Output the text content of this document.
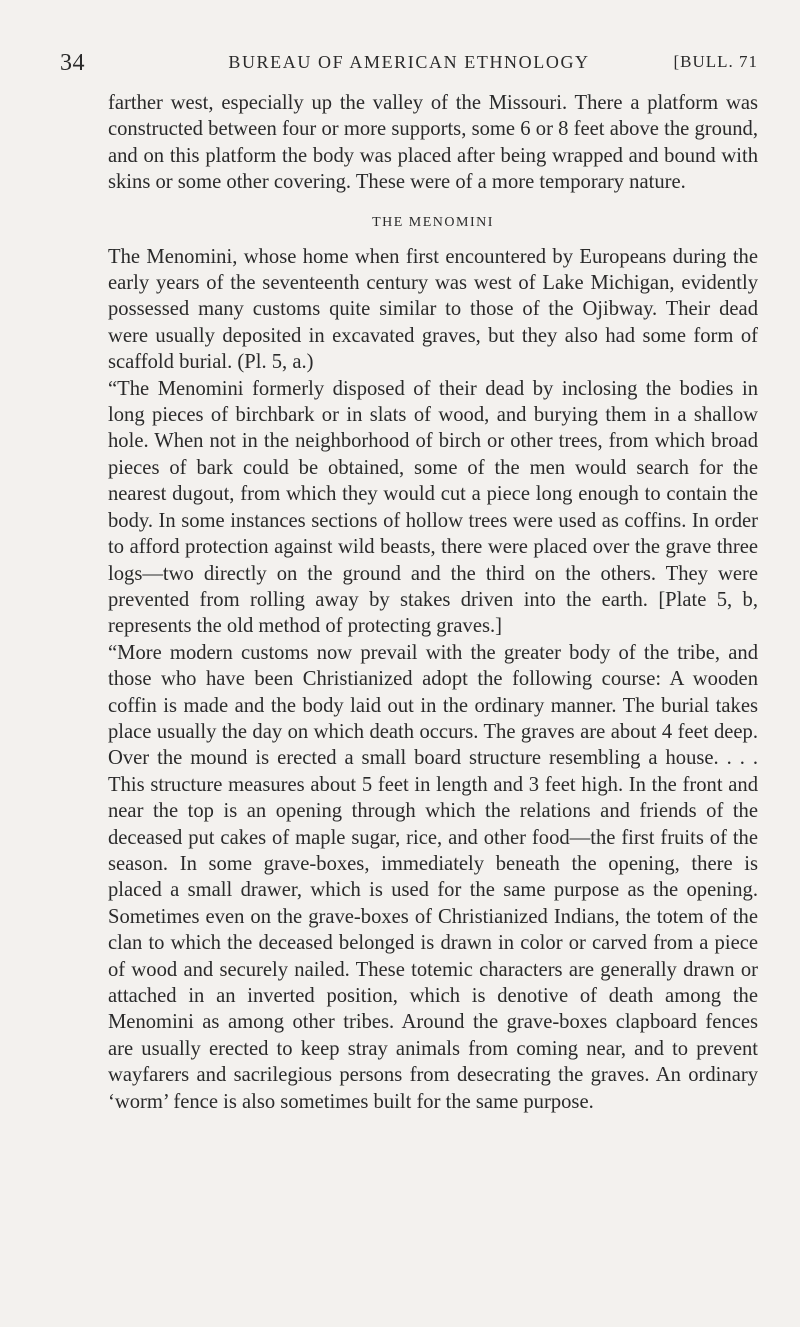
34	BUREAU OF AMERICAN ETHNOLOGY	[BULL. 71

farther west, especially up the valley of the Missouri. There a platform was constructed between four or more supports, some 6 or 8 feet above the ground, and on this platform the body was placed after being wrapped and bound with skins or some other covering. These were of a more temporary nature.

THE MENOMINI

The Menomini, whose home when first encountered by Europeans during the early years of the seventeenth century was west of Lake Michigan, evidently possessed many customs quite similar to those of the Ojibway. Their dead were usually deposited in excavated graves, but they also had some form of scaffold burial. (Pl. 5, a.)

“The Menomini formerly disposed of their dead by inclosing the bodies in long pieces of birchbark or in slats of wood, and burying them in a shallow hole. When not in the neighborhood of birch or other trees, from which broad pieces of bark could be obtained, some of the men would search for the nearest dugout, from which they would cut a piece long enough to contain the body. In some instances sections of hollow trees were used as coffins. In order to afford protection against wild beasts, there were placed over the grave three logs—two directly on the ground and the third on the others. They were prevented from rolling away by stakes driven into the earth. [Plate 5, b, represents the old method of protecting graves.]

“More modern customs now prevail with the greater body of the tribe, and those who have been Christianized adopt the following course: A wooden coffin is made and the body laid out in the ordinary manner. The burial takes place usually the day on which death occurs. The graves are about 4 feet deep. Over the mound is erected a small board structure resembling a house. . . . This structure measures about 5 feet in length and 3 feet high. In the front and near the top is an opening through which the relations and friends of the deceased put cakes of maple sugar, rice, and other food—the first fruits of the season. In some grave-boxes, immediately beneath the opening, there is placed a small drawer, which is used for the same purpose as the opening. Sometimes even on the grave-boxes of Christianized Indians, the totem of the clan to which the deceased belonged is drawn in color or carved from a piece of wood and securely nailed. These totemic characters are generally drawn or attached in an inverted position, which is denotive of death among the Menomini as among other tribes. Around the grave-boxes clapboard fences are usually erected to keep stray animals from coming near, and to prevent wayfarers and sacrilegious persons from desecrating the graves. An ordinary ‘worm’ fence is also sometimes built for the same purpose.
